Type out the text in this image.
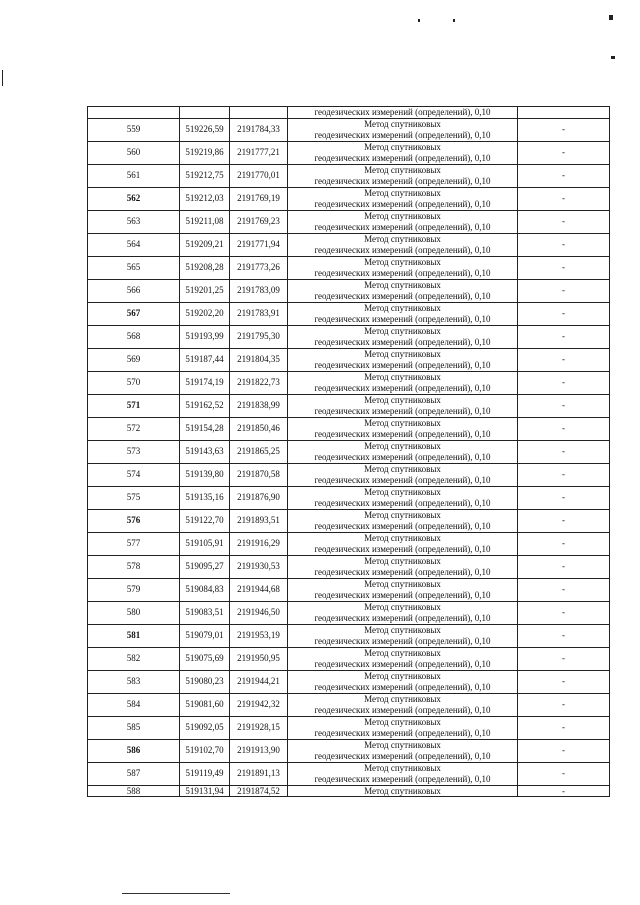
			геодезических измерений (определений), 0,10	
559	519226,59	2191784,33	Метод спутниковых
геодезических измерений (определений), 0,10	-
560	519219,86	2191777,21	Метод спутниковых
геодезических измерений (определений), 0,10	-
561	519212,75	2191770,01	Метод спутниковых
геодезических измерений (определений), 0,10	-
562	519212,03	2191769,19	Метод спутниковых
геодезических измерений (определений), 0,10	-
563	519211,08	2191769,23	Метод спутниковых
геодезических измерений (определений), 0,10	-
564	519209,21	2191771,94	Метод спутниковых
геодезических измерений (определений), 0,10	-
565	519208,28	2191773,26	Метод спутниковых
геодезических измерений (определений), 0,10	-
566	519201,25	2191783,09	Метод спутниковых
геодезических измерений (определений), 0,10	-
567	519202,20	2191783,91	Метод спутниковых
геодезических измерений (определений), 0,10	-
568	519193,99	2191795,30	Метод спутниковых
геодезических измерений (определений), 0,10	-
569	519187,44	2191804,35	Метод спутниковых
геодезических измерений (определений), 0,10	-
570	519174,19	2191822,73	Метод спутниковых
геодезических измерений (определений), 0,10	-
571	519162,52	2191838,99	Метод спутниковых
геодезических измерений (определений), 0,10	-
572	519154,28	2191850,46	Метод спутниковых
геодезических измерений (определений), 0,10	-
573	519143,63	2191865,25	Метод спутниковых
геодезических измерений (определений), 0,10	-
574	519139,80	2191870,58	Метод спутниковых
геодезических измерений (определений), 0,10	-
575	519135,16	2191876,90	Метод спутниковых
геодезических измерений (определений), 0,10	-
576	519122,70	2191893,51	Метод спутниковых
геодезических измерений (определений), 0,10	-
577	519105,91	2191916,29	Метод спутниковых
геодезических измерений (определений), 0,10	-
578	519095,27	2191930,53	Метод спутниковых
геодезических измерений (определений), 0,10	-
579	519084,83	2191944,68	Метод спутниковых
геодезических измерений (определений), 0,10	-
580	519083,51	2191946,50	Метод спутниковых
геодезических измерений (определений), 0,10	-
581	519079,01	2191953,19	Метод спутниковых
геодезических измерений (определений), 0,10	-
582	519075,69	2191950,95	Метод спутниковых
геодезических измерений (определений), 0,10	-
583	519080,23	2191944,21	Метод спутниковых
геодезических измерений (определений), 0,10	-
584	519081,60	2191942,32	Метод спутниковых
геодезических измерений (определений), 0,10	-
585	519092,05	2191928,15	Метод спутниковых
геодезических измерений (определений), 0,10	-
586	519102,70	2191913,90	Метод спутниковых
геодезических измерений (определений), 0,10	-
587	519119,49	2191891,13	Метод спутниковых
геодезических измерений (определений), 0,10	-
588	519131,94	2191874,52	Метод спутниковых	-
